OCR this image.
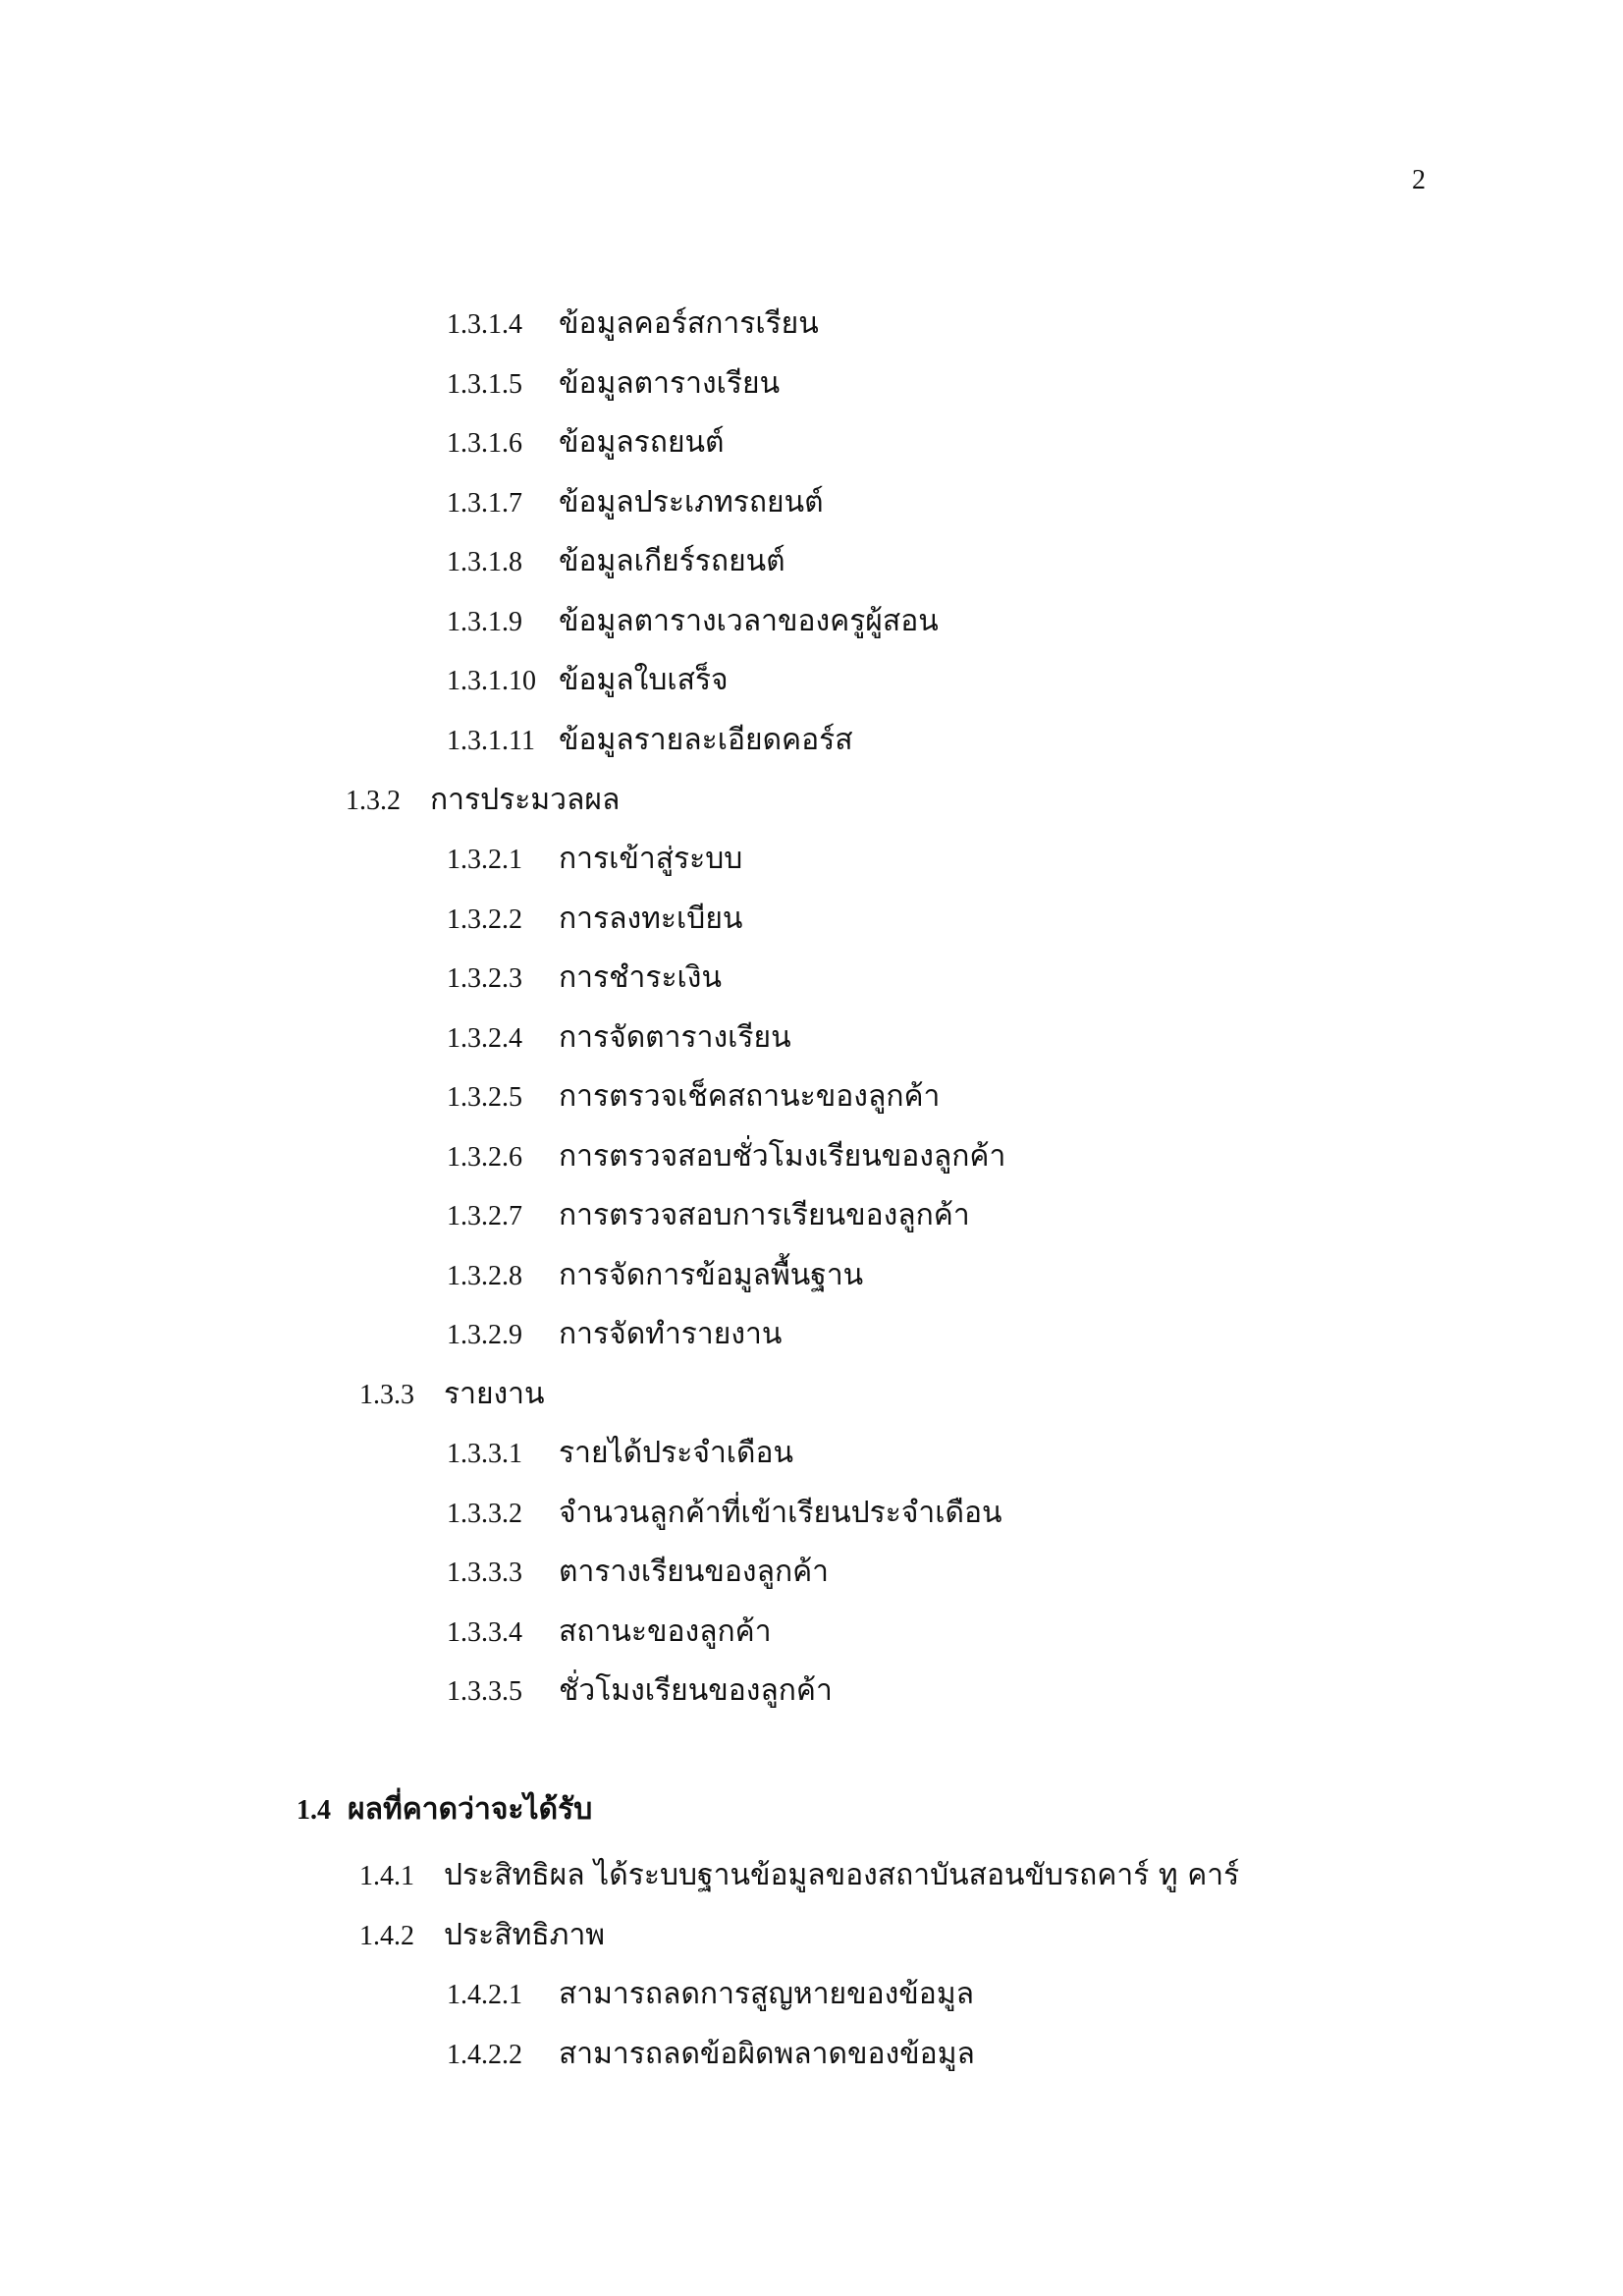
2
1.3.1.4 ข้อมูลคอร์สการเรียน
1.3.1.5 ข้อมูลตารางเรียน
1.3.1.6 ข้อมูลรถยนต์
1.3.1.7 ข้อมูลประเภทรถยนต์
1.3.1.8 ข้อมูลเกียร์รถยนต์
1.3.1.9 ข้อมูลตารางเวลาของครูผู้สอน
1.3.1.10 ข้อมูลใบเสร็จ
1.3.1.11 ข้อมูลรายละเอียดคอร์ส
1.3.2 การประมวลผล
1.3.2.1 การเข้าสู่ระบบ
1.3.2.2 การลงทะเบียน
1.3.2.3 การชำระเงิน
1.3.2.4 การจัดตารางเรียน
1.3.2.5 การตรวจเช็คสถานะของลูกค้า
1.3.2.6 การตรวจสอบชั่วโมงเรียนของลูกค้า
1.3.2.7 การตรวจสอบการเรียนของลูกค้า
1.3.2.8 การจัดการข้อมูลพื้นฐาน
1.3.2.9 การจัดทำรายงาน
1.3.3 รายงาน
1.3.3.1 รายได้ประจำเดือน
1.3.3.2 จำนวนลูกค้าที่เข้าเรียนประจำเดือน
1.3.3.3 ตารางเรียนของลูกค้า
1.3.3.4 สถานะของลูกค้า
1.3.3.5 ชั่วโมงเรียนของลูกค้า
1.4 ผลที่คาดว่าจะได้รับ
1.4.1 ประสิทธิผล ได้ระบบฐานข้อมูลของสถาบันสอนขับรถคาร์ ทู คาร์
1.4.2 ประสิทธิภาพ
1.4.2.1 สามารถลดการสูญหายของข้อมูล
1.4.2.2 สามารถลดข้อผิดพลาดของข้อมูล
